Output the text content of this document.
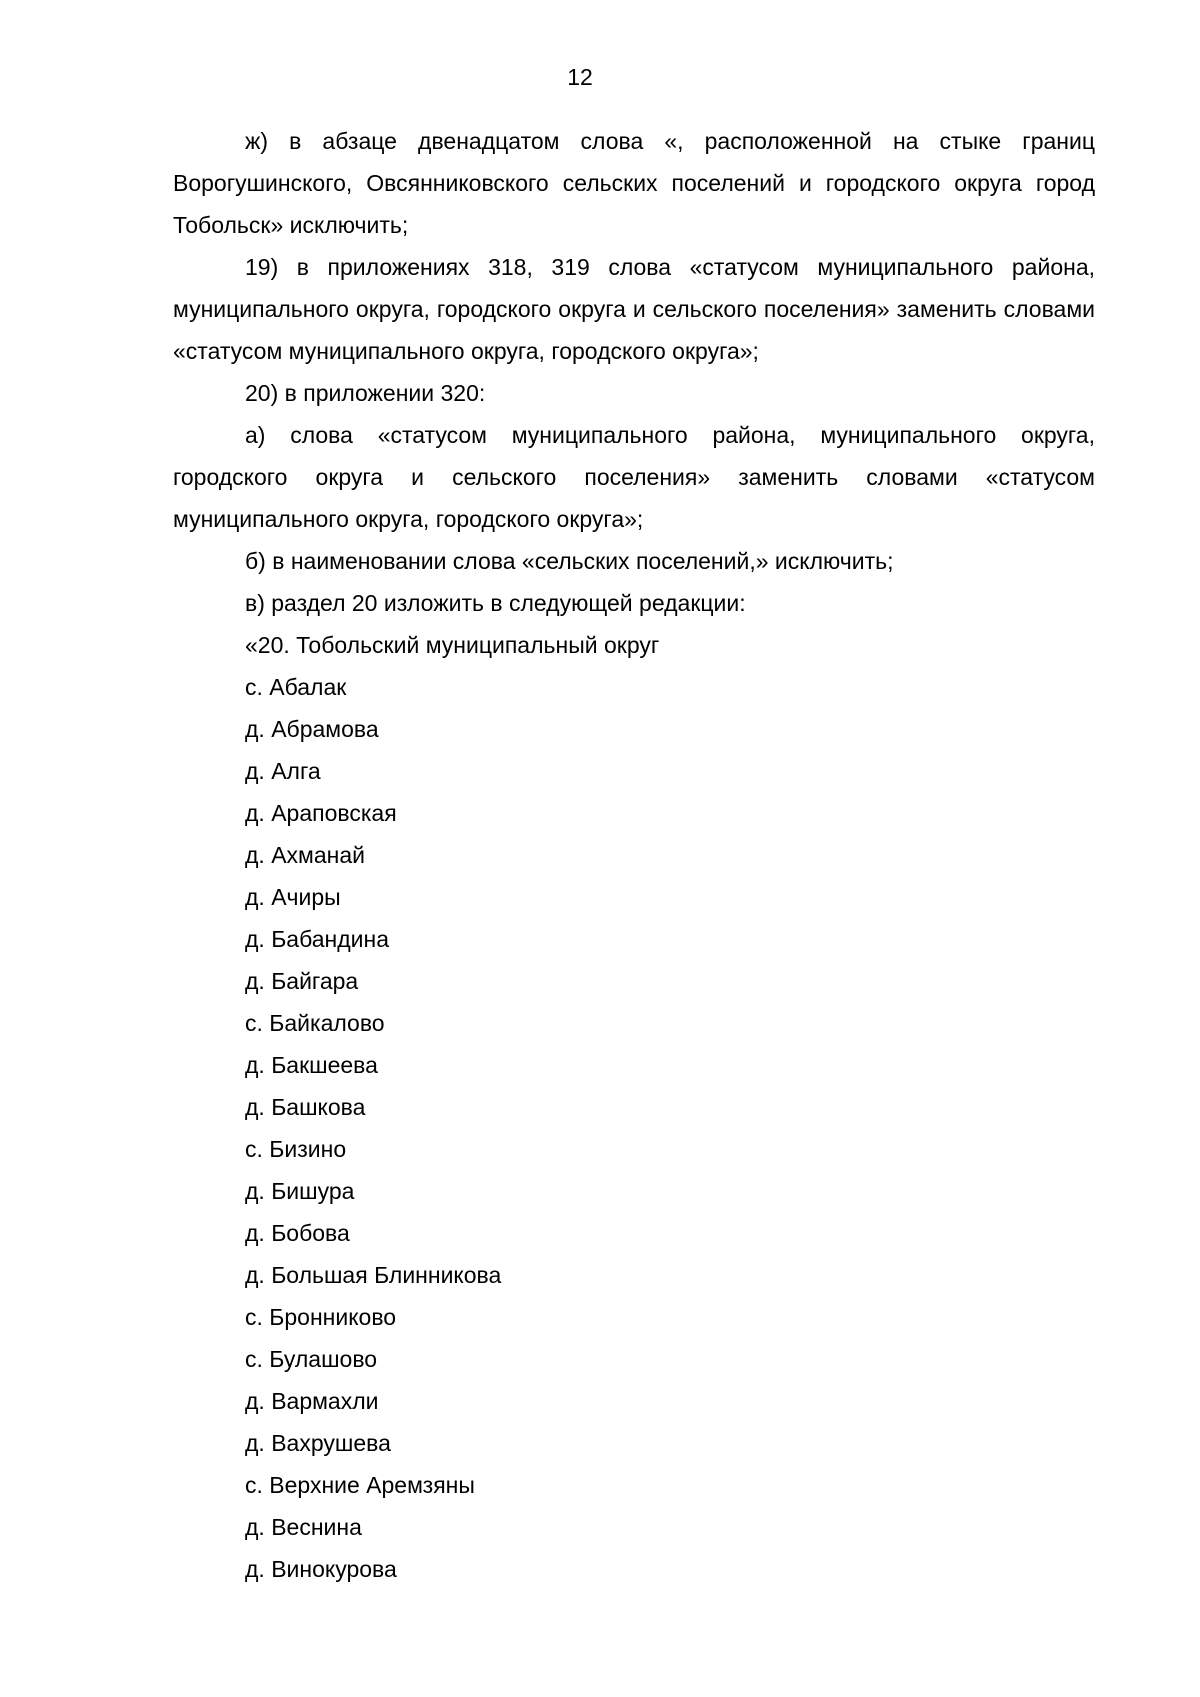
12

ж) в абзаце двенадцатом слова «, расположенной на стыке границ Ворогушинского, Овсянниковского сельских поселений и городского округа город Тобольск» исключить;

19) в приложениях 318, 319 слова «статусом муниципального района, муниципального округа, городского округа и сельского поселения» заменить словами «статусом муниципального округа, городского округа»;

20) в приложении 320:

а) слова «статусом муниципального района, муниципального округа, городского округа и сельского поселения» заменить словами «статусом муниципального округа, городского округа»;

б) в наименовании слова «сельских поселений,» исключить;

в) раздел 20 изложить в следующей редакции:

«20. Тобольский муниципальный округ

с. Абалак

д. Абрамова

д. Алга

д. Араповская

д. Ахманай

д. Ачиры

д. Бабандина

д. Байгара

с. Байкалово

д. Бакшеева

д. Башкова

с. Бизино

д. Бишура

д. Бобова

д. Большая Блинникова

с. Бронниково

с. Булашово

д. Вармахли

д. Вахрушева

с. Верхние Аремзяны

д. Веснина

д. Винокурова
